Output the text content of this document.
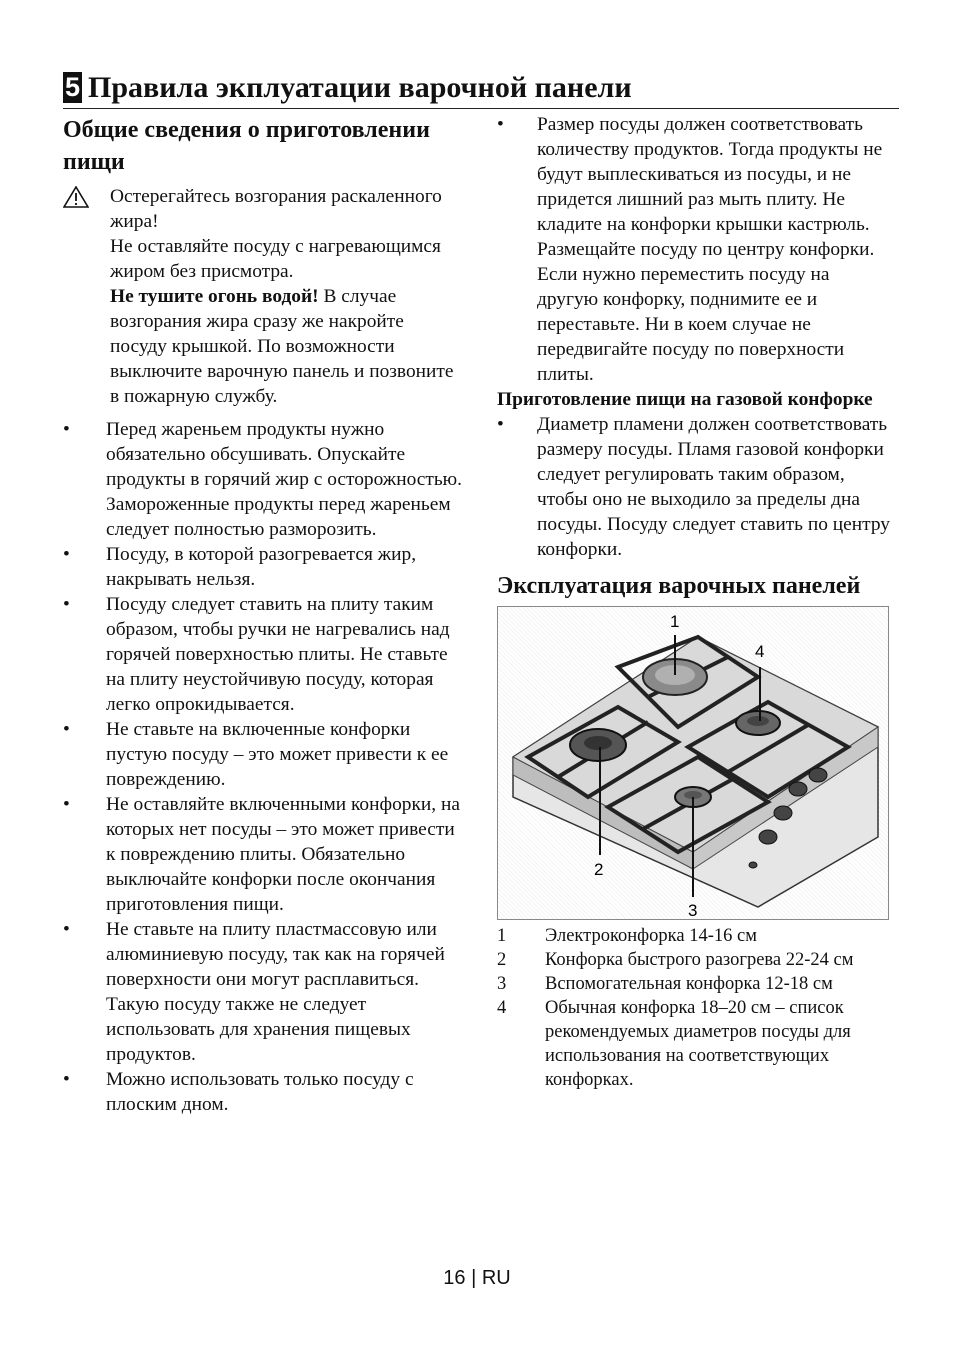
5 Правила экплуатации варочной панели
Общие сведения о приготовлении пищи
Остерегайтесь возгорания раскаленного жира!
Не оставляйте посуду с нагревающимся жиром без присмотра.
Не тушите огонь водой! В случае возгорания жира сразу же накройте посуду крышкой. По возможности выключите варочную панель и позвоните в пожарную службу.
• Перед жареньем продукты нужно обязательно обсушивать. Опускайте продукты в горячий жир с осторожностью. Замороженные продукты перед жареньем следует полностью разморозить.
• Посуду, в которой разогревается жир, накрывать нельзя.
• Посуду следует ставить на плиту таким образом, чтобы ручки не нагревались над горячей поверхностью плиты. Не ставьте на плиту неустойчивую посуду, которая легко опрокидывается.
• Не ставьте на включенные конфорки пустую посуду – это может привести к ее повреждению.
• Не оставляйте включенными конфорки, на которых нет посуды – это может привести к повреждению плиты. Обязательно выключайте конфорки после окончания приготовления пищи.
• Не ставьте на плиту пластмассовую или алюминиевую посуду, так как на горячей поверхности они могут расплавиться.
Такую посуду также не следует использовать для хранения пищевых продуктов.
• Можно использовать только посуду с плоским дном.
• Размер посуды должен соответствовать количеству продуктов. Тогда продукты не будут выплескиваться из посуды, и не придется лишний раз мыть плиту. Не кладите на конфорки крышки кастрюль.
Размещайте посуду по центру конфорки. Если нужно переместить посуду на другую конфорку, поднимите ее и переставьте. Ни в коем случае не передвигайте посуду по поверхности плиты.
Приготовление пищи на газовой конфорке
• Диаметр пламени должен соответствовать размеру посуды. Пламя газовой конфорки следует регулировать таким образом, чтобы оно не выходило за пределы дна посуды. Посуду следует ставить по центру конфорки.
Эксплуатация варочных панелей
1
4
2
3
1	Электроконфорка 14-16 см
2	Конфорка быстрого разогрева 22-24 см
3	Вспомогательная конфорка 12-18 см
4	Обычная конфорка 18–20 см – список рекомендуемых диаметров посуды для использования на соответствующих конфорках.
16 | RU
